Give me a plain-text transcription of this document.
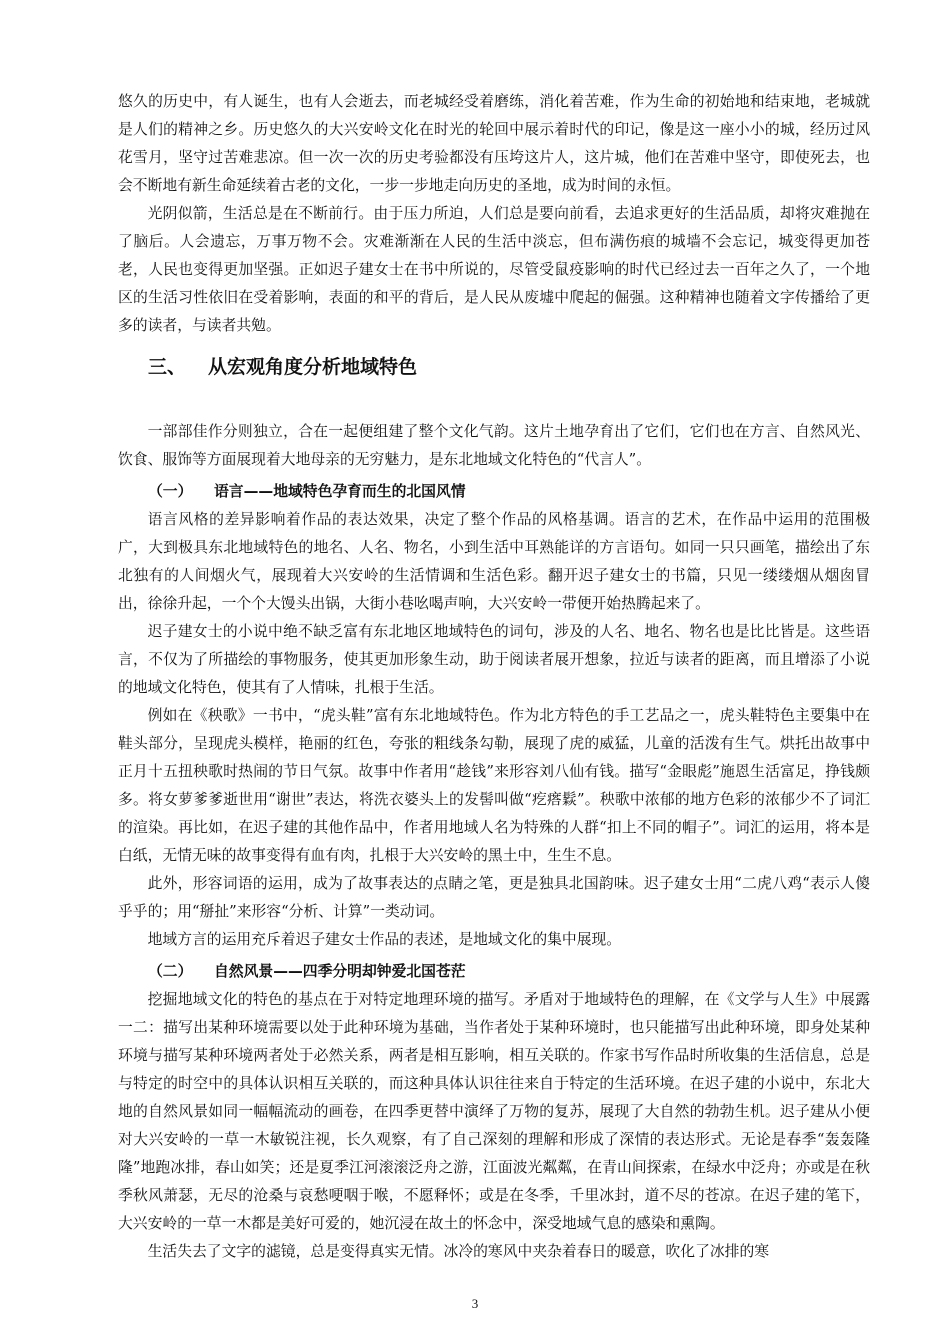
悠久的历史中，有人诞生，也有人会逝去，而老城经受着磨练，消化着苦难，作为生命的初始地和结束地，老城就是人们的精神之乡。历史悠久的大兴安岭文化在时光的轮回中展示着时代的印记，像是这一座小小的城，经历过风花雪月，坚守过苦难悲凉。但一次一次的历史考验都没有压垮这片人，这片城，他们在苦难中坚守，即使死去，也会不断地有新生命延续着古老的文化，一步一步地走向历史的圣地，成为时间的永恒。

光阴似箭，生活总是在不断前行。由于压力所迫，人们总是要向前看，去追求更好的生活品质，却将灾难抛在了脑后。人会遗忘，万事万物不会。灾难渐渐在人民的生活中淡忘，但布满伤痕的城墙不会忘记，城变得更加苍老，人民也变得更加坚强。正如迟子建女士在书中所说的，尽管受鼠疫影响的时代已经过去一百年之久了，一个地区的生活习性依旧在受着影响，表面的和平的背后，是人民从废墟中爬起的倔强。这种精神也随着文字传播给了更多的读者，与读者共勉。

三、 从宏观角度分析地域特色

一部部佳作分则独立，合在一起便组建了整个文化气韵。这片土地孕育出了它们，它们也在方言、自然风光、饮食、服饰等方面展现着大地母亲的无穷魅力，是东北地域文化特色的“代言人”。

（一） 语言——地域特色孕育而生的北国风情

语言风格的差异影响着作品的表达效果，决定了整个作品的风格基调。语言的艺术，在作品中运用的范围极广，大到极具东北地域特色的地名、人名、物名，小到生活中耳熟能详的方言语句。如同一只只画笔，描绘出了东北独有的人间烟火气，展现着大兴安岭的生活情调和生活色彩。翻开迟子建女士的书篇，只见一缕缕烟从烟囱冒出，徐徐升起，一个个大馒头出锅，大街小巷吆喝声响，大兴安岭一带便开始热腾起来了。

迟子建女士的小说中绝不缺乏富有东北地区地域特色的词句，涉及的人名、地名、物名也是比比皆是。这些语言，不仅为了所描绘的事物服务，使其更加形象生动，助于阅读者展开想象，拉近与读者的距离，而且增添了小说的地域文化特色，使其有了人情味，扎根于生活。

例如在《秧歌》一书中，“虎头鞋”富有东北地域特色。作为北方特色的手工艺品之一，虎头鞋特色主要集中在鞋头部分，呈现虎头模样，艳丽的红色，夸张的粗线条勾勒，展现了虎的威猛，儿童的活泼有生气。烘托出故事中正月十五扭秧歌时热闹的节日气氛。故事中作者用“趁钱”来形容刘八仙有钱。描写“金眼彪”施恩生活富足，挣钱颇多。将女萝爹爹逝世用“谢世”表达，将洗衣婆头上的发髻叫做“疙瘩鬏”。秧歌中浓郁的地方色彩的浓郁少不了词汇的渲染。再比如，在迟子建的其他作品中，作者用地域人名为特殊的人群“扣上不同的帽子”。词汇的运用，将本是白纸，无情无味的故事变得有血有肉，扎根于大兴安岭的黑土中，生生不息。

此外，形容词语的运用，成为了故事表达的点睛之笔，更是独具北国韵味。迟子建女士用“二虎八鸡“表示人傻乎乎的；用“掰扯”来形容“分析、计算”一类动词。

地域方言的运用充斥着迟子建女士作品的表述，是地域文化的集中展现。

（二） 自然风景——四季分明却钟爱北国苍茫

挖掘地域文化的特色的基点在于对特定地理环境的描写。矛盾对于地域特色的理解，在《文学与人生》中展露一二：描写出某种环境需要以处于此种环境为基础，当作者处于某种环境时，也只能描写出此种环境，即身处某种环境与描写某种环境两者处于必然关系，两者是相互影响，相互关联的。作家书写作品时所收集的生活信息，总是与特定的时空中的具体认识相互关联的，而这种具体认识往往来自于特定的生活环境。在迟子建的小说中，东北大地的自然风景如同一幅幅流动的画卷，在四季更替中演绎了万物的复苏，展现了大自然的勃勃生机。迟子建从小便对大兴安岭的一草一木敏锐注视，长久观察，有了自己深刻的理解和形成了深情的表达形式。无论是春季“轰轰隆隆”地跑冰排，春山如笑；还是夏季江河滚滚泛舟之游，江面波光粼粼，在青山间探索，在绿水中泛舟；亦或是在秋季秋风萧瑟，无尽的沧桑与哀愁哽咽于喉，不愿释怀；或是在冬季，千里冰封，道不尽的苍凉。在迟子建的笔下，大兴安岭的一草一木都是美好可爱的，她沉浸在故土的怀念中，深受地域气息的感染和熏陶。

生活失去了文字的滤镜，总是变得真实无情。冰冷的寒风中夹杂着春日的暖意，吹化了冰排的寒

3
